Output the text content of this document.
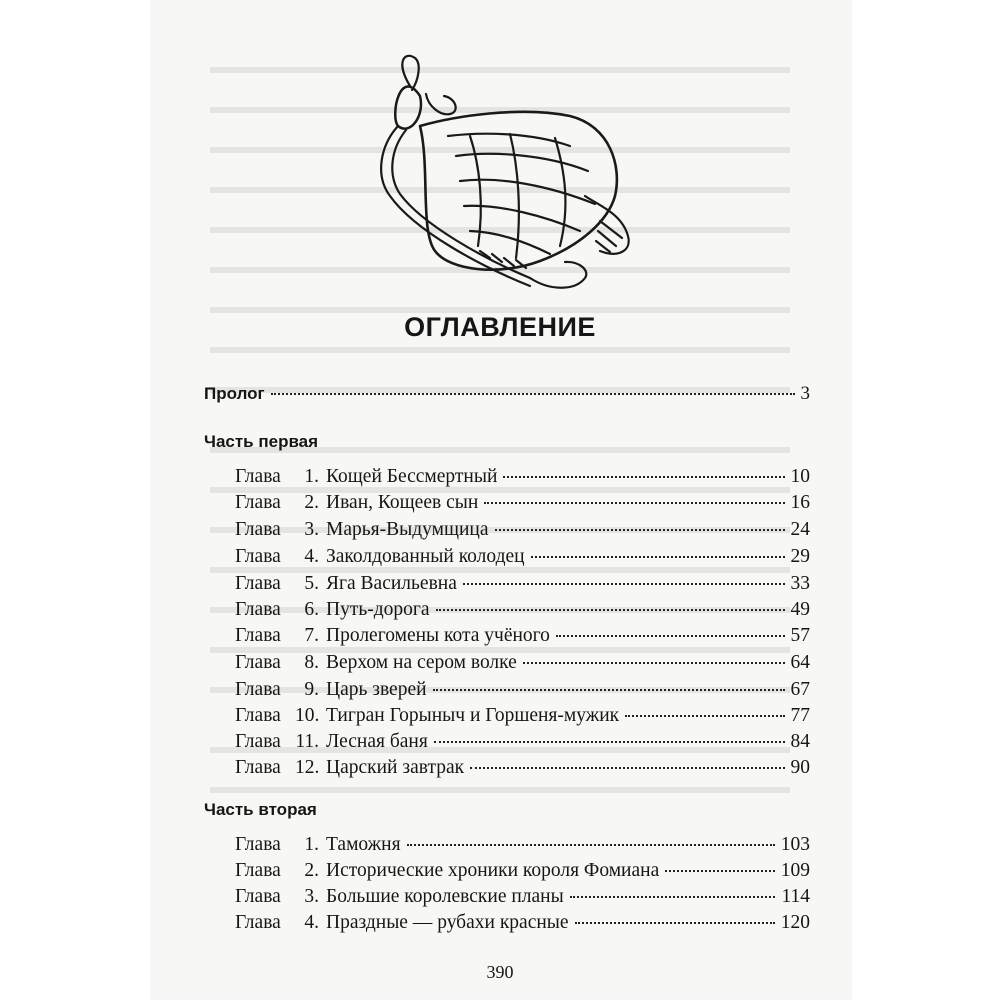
ОГЛАВЛЕНИЕ
Пролог	3
Часть первая
Глава	1. Кощей Бессмертный	10
Глава	2. Иван, Кощеев сын	16
Глава	3. Марья-Выдумщица	24
Глава	4. Заколдованный колодец	29
Глава	5. Яга Васильевна	33
Глава	6. Путь-дорога	49
Глава	7. Пролегомены кота учёного	57
Глава	8. Верхом на сером волке	64
Глава	9. Царь зверей	67
Глава 10. Тигран Горыныч и Горшеня-мужик	77
Глава 11. Лесная баня	84
Глава 12. Царский завтрак	90
Часть вторая
Глава	1. Таможня	103
Глава	2. Исторические хроники короля Фомиана	109
Глава	3. Большие королевские планы	114
Глава	4. Праздные — рубахи красные	120
390
